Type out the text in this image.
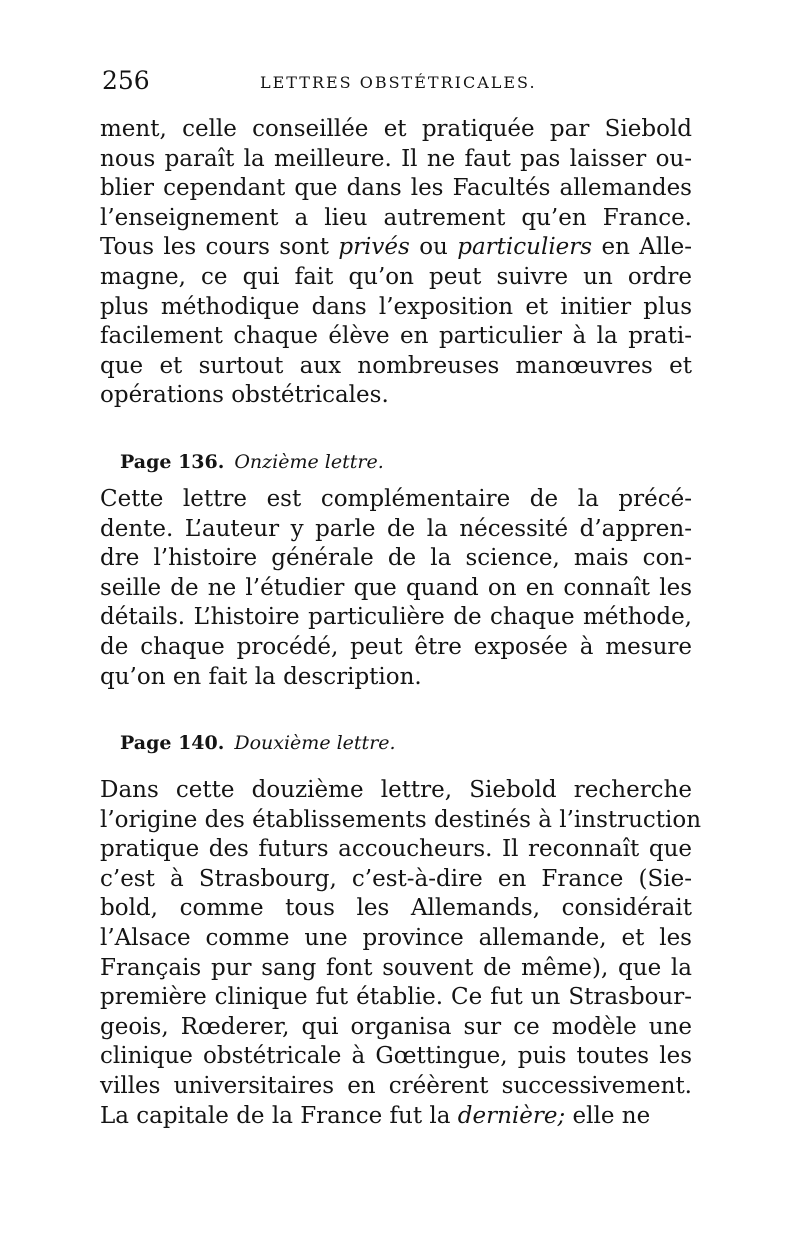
256	LETTRES OBSTÉTRICALES.
ment, celle conseillée et pratiquée par Siebold
nous paraît la meilleure. Il ne faut pas laisser ou-
blier cependant que dans les Facultés allemandes
l’enseignement a lieu autrement qu’en France.
Tous les cours sont privés ou particuliers en Alle-
magne, ce qui fait qu’on peut suivre un ordre
plus méthodique dans l’exposition et initier plus
facilement chaque élève en particulier à la prati-
que et surtout aux nombreuses manœuvres et
opérations obstétricales.
Page 136. Onzième lettre.
Cette lettre est complémentaire de la précé-
dente. L’auteur y parle de la nécessité d’appren-
dre l’histoire générale de la science, mais con-
seille de ne l’étudier que quand on en connaît les
détails. L’histoire particulière de chaque méthode,
de chaque procédé, peut être exposée à mesure
qu’on en fait la description.
Page 140. Douxième lettre.
Dans cette douzième lettre, Siebold recherche
l’origine des établissements destinés à l’instruction
pratique des futurs accoucheurs. Il reconnaît que
c’est à Strasbourg, c’est-à-dire en France (Sie-
bold, comme tous les Allemands, considérait
l’Alsace comme une province allemande, et les
Français pur sang font souvent de même), que la
première clinique fut établie. Ce fut un Strasbour-
geois, Rœderer, qui organisa sur ce modèle une
clinique obstétricale à Gœttingue, puis toutes les
villes universitaires en créèrent successivement.
La capitale de la France fut la dernière; elle ne
